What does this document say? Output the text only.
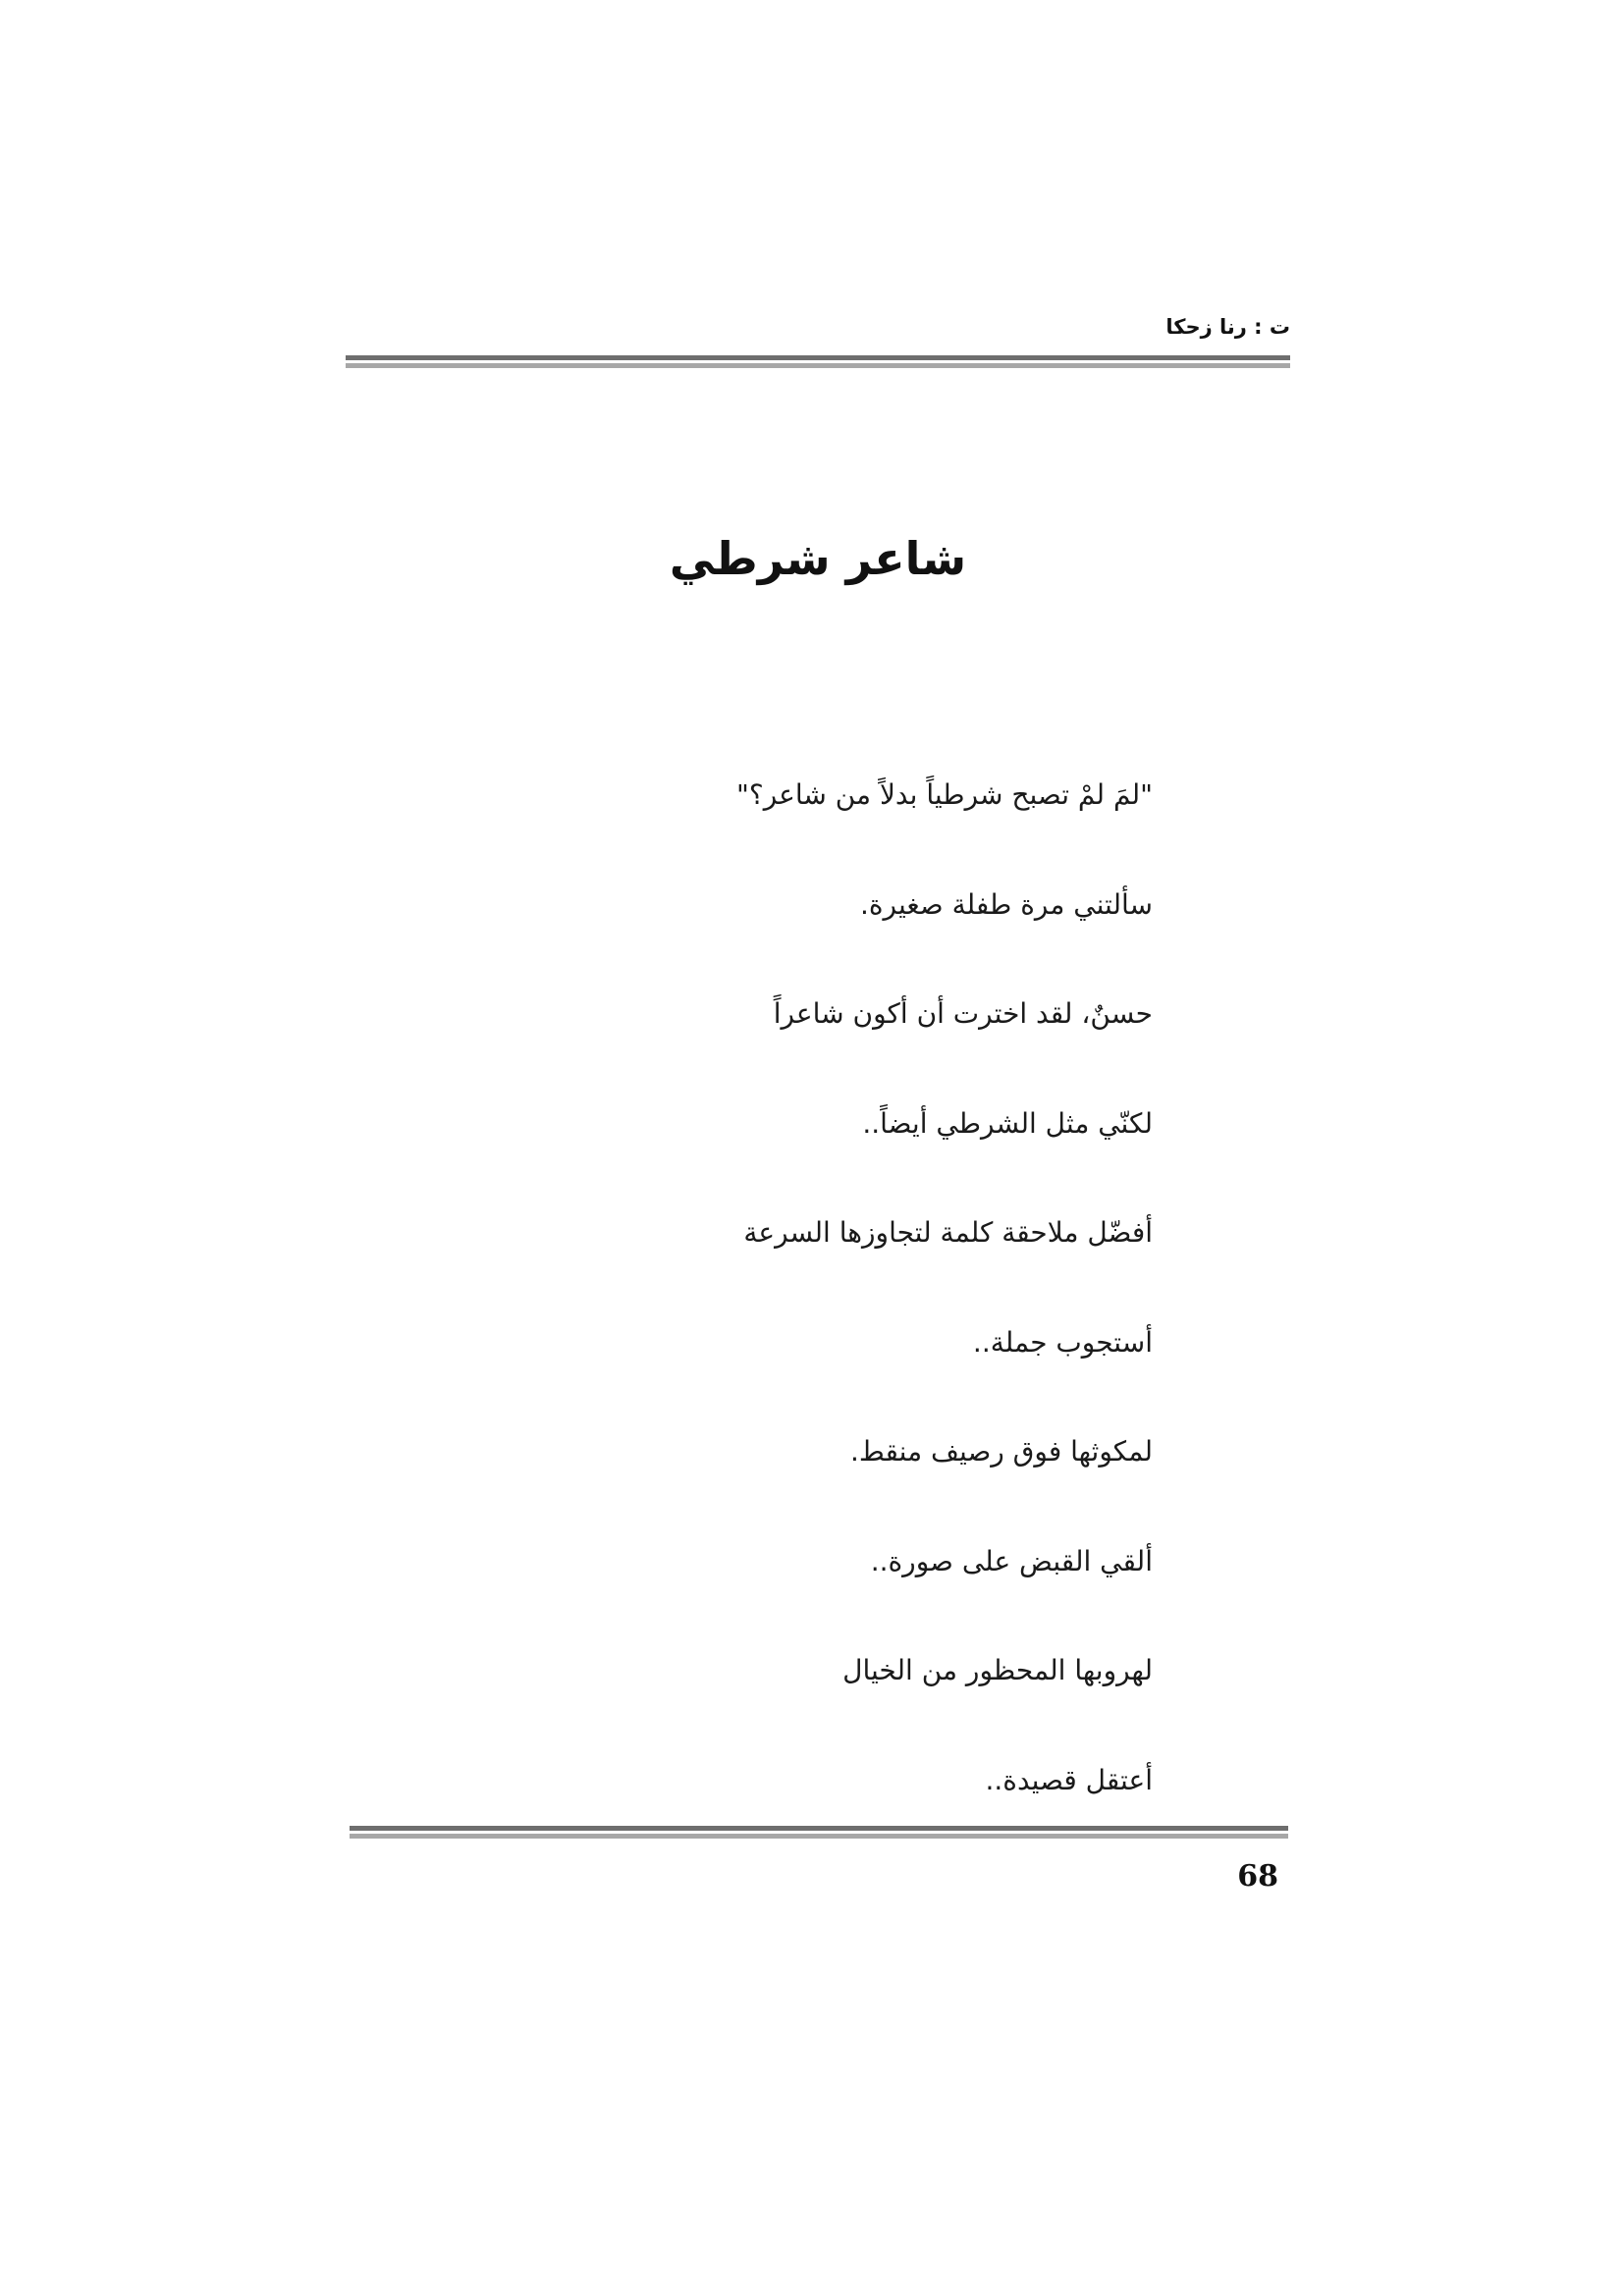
ت : رنا زحكا
شاعر شرطي
"لمَ لمْ تصبح شرطياً بدلاً من شاعر؟"
سألتني مرة طفلة صغيرة.
حسنٌ، لقد اخترت أن أكون شاعراً
لكنّي مثل الشرطي أيضاً..
أفضّل ملاحقة كلمة لتجاوزها السرعة
أستجوب جملة..
لمكوثها فوق رصيف منقط.
ألقي القبض على صورة..
لهروبها المحظور من الخيال
أعتقل قصيدة..
68
